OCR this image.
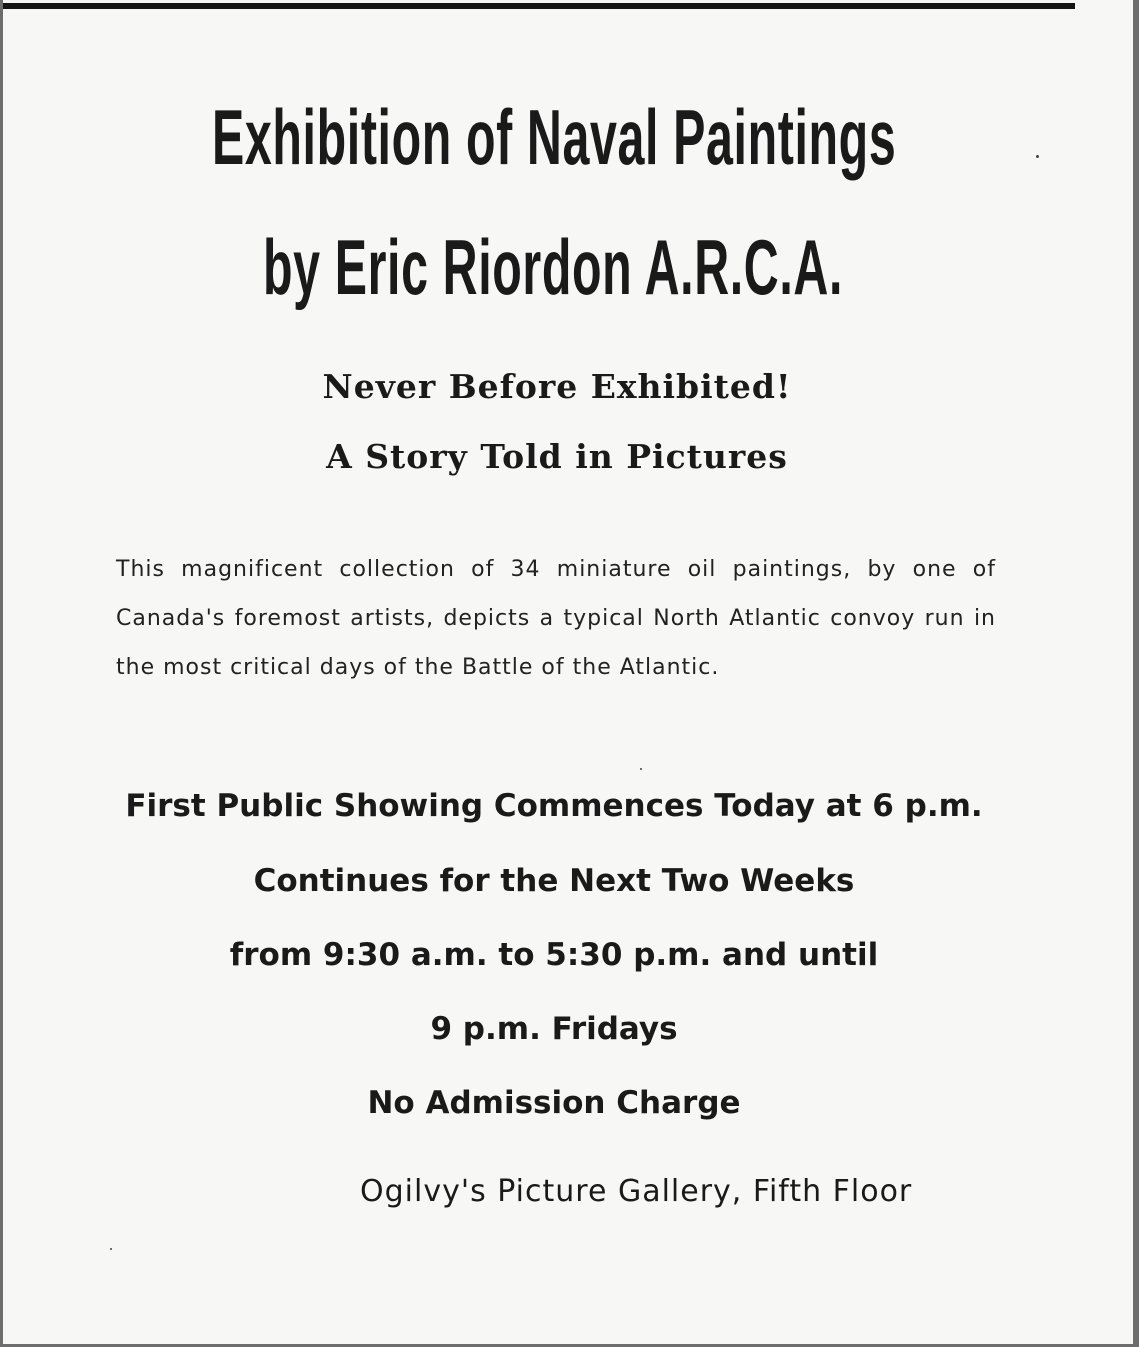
Exhibition of Naval Paintings
by Eric Riordon A.R.C.A.
Never Before Exhibited!
A Story Told in Pictures
This magnificent collection of 34 miniature oil paintings, by one of Canada's foremost artists, depicts a typical North Atlantic convoy run in the most critical days of the Battle of the Atlantic.
First Public Showing Commences Today at 6 p.m.
Continues for the Next Two Weeks
from 9:30 a.m. to 5:30 p.m. and until
9 p.m. Fridays
No Admission Charge
Ogilvy's Picture Gallery, Fifth Floor
